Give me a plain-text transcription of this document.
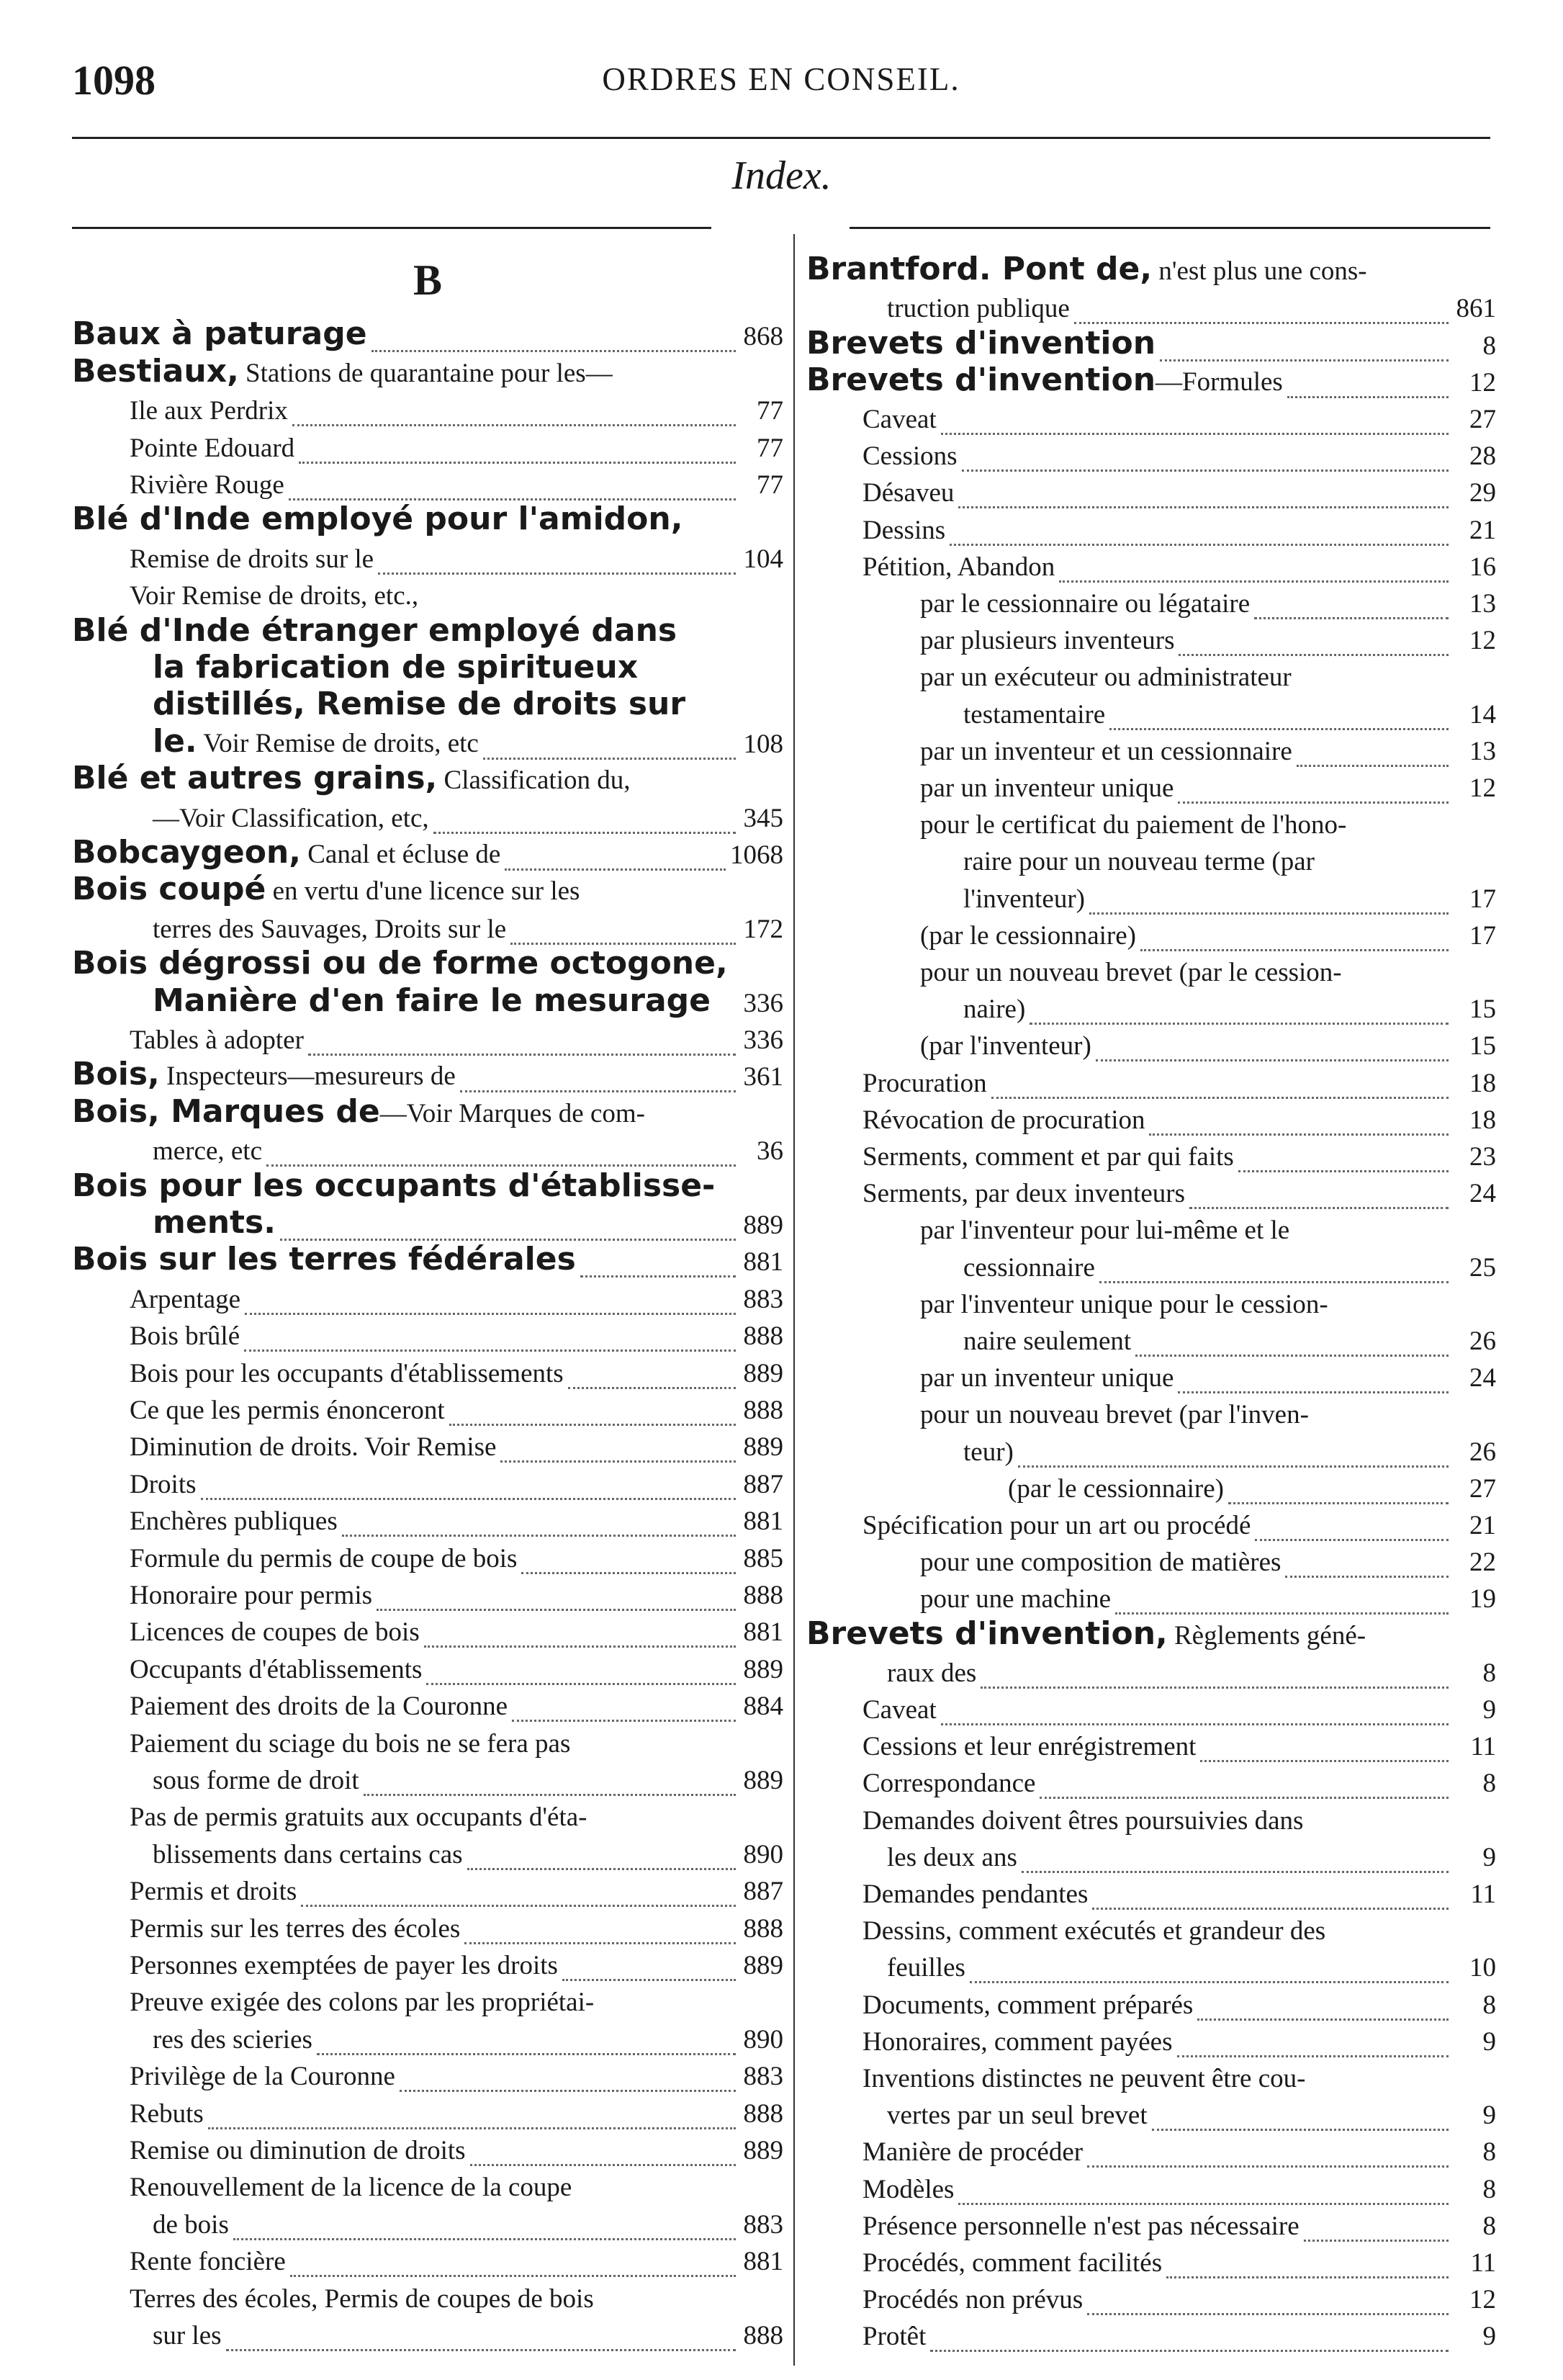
1098	ORDRES EN CONSEIL.
Index.
B
Baux à paturage	868
Bestiaux, Stations de quarantaine pour les—
Ile aux Perdrix	77
Pointe Edouard	77
Rivière Rouge	77
Blé d'Inde employé pour l'amidon,
Remise de droits sur le	104
Voir Remise de droits, etc.,
Blé d'Inde étranger employé dans
la fabrication de spiritueux
distillés, Remise de droits sur
le. Voir Remise de droits, etc	108
Blé et autres grains, Classification du,
—Voir Classification, etc,	345
Bobcaygeon, Canal et écluse de	1068
Bois coupé en vertu d'une licence sur les
terres des Sauvages, Droits sur le	172
Bois dégrossi ou de forme octogone,
Manière d'en faire le mesurage 336
Tables à adopter	336
Bois, Inspecteurs—mesureurs de	361
Bois, Marques de—Voir Marques de com-
merce, etc	36
Bois pour les occupants d'établisse-
ments.	889
Bois sur les terres fédérales	881
Arpentage	883
Bois brûlé	888
Bois pour les occupants d'établissements	889
Ce que les permis énonceront	888
Diminution de droits. Voir Remise	889
Droits	887
Enchères publiques	881
Formule du permis de coupe de bois	885
Honoraire pour permis	888
Licences de coupes de bois	881
Occupants d'établissements	889
Paiement des droits de la Couronne	884
Paiement du sciage du bois ne se fera pas
sous forme de droit	889
Pas de permis gratuits aux occupants d'éta-
blissements dans certains cas	890
Permis et droits	887
Permis sur les terres des écoles	888
Personnes exemptées de payer les droits	889
Preuve exigée des colons par les propriétai-
res des scieries	890
Privilège de la Couronne	883
Rebuts	888
Remise ou diminution de droits	889
Renouvellement de la licence de la coupe
de bois	883
Rente foncière	881
Terres des écoles, Permis de coupes de bois
sur les	888
Brantford. Pont de, n'est plus une cons-
truction publique	861
Brevets d'invention	8
Brevets d'invention—Formules	12
Caveat	27
Cessions	28
Désaveu	29
Dessins	21
Pétition, Abandon	16
par le cessionnaire ou légataire	13
par plusieurs inventeurs	12
par un exécuteur ou administrateur
testamentaire	14
par un inventeur et un cessionnaire	13
par un inventeur unique	12
pour le certificat du paiement de l'hono-
raire pour un nouveau terme (par
l'inventeur)	17
(par le cessionnaire)	17
pour un nouveau brevet (par le cession-
naire)	15
(par l'inventeur)	15
Procuration	18
Révocation de procuration	18
Serments, comment et par qui faits	23
Serments, par deux inventeurs	24
par l'inventeur pour lui-même et le
cessionnaire	25
par l'inventeur unique pour le cession-
naire seulement	26
par un inventeur unique	24
pour un nouveau brevet (par l'inven-
teur)	26
(par le cessionnaire)	27
Spécification pour un art ou procédé	21
pour une composition de matières	22
pour une machine	19
Brevets d'invention, Règlements géné-
raux des	8
Caveat	9
Cessions et leur enrégistrement	11
Correspondance	8
Demandes doivent êtres poursuivies dans
les deux ans	9
Demandes pendantes	11
Dessins, comment exécutés et grandeur des
feuilles	10
Documents, comment préparés	8
Honoraires, comment payées	9
Inventions distinctes ne peuvent être cou-
vertes par un seul brevet	9
Manière de procéder	8
Modèles	8
Présence personnelle n'est pas nécessaire	8
Procédés, comment facilités	11
Procédés non prévus	12
Protêt	9
